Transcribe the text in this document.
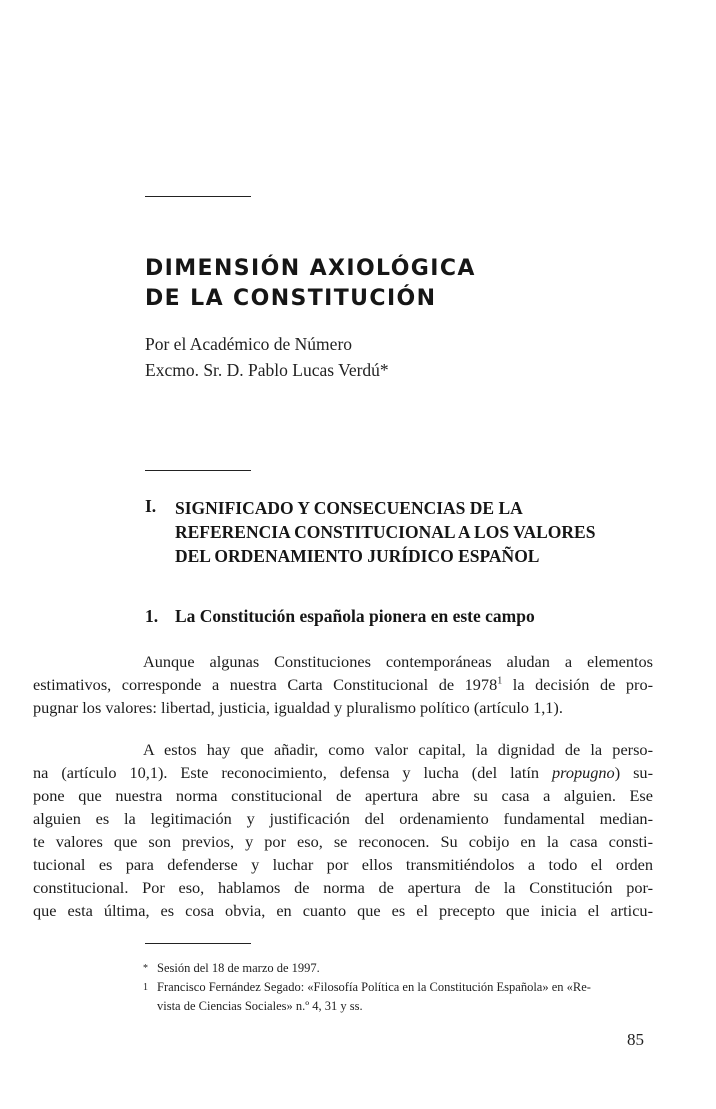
DIMENSIÓN AXIOLÓGICA
DE LA CONSTITUCIÓN
Por el Académico de Número
Excmo. Sr. D. Pablo Lucas Verdú*
I. SIGNIFICADO Y CONSECUENCIAS DE LA
REFERENCIA CONSTITUCIONAL A LOS VALORES
DEL ORDENAMIENTO JURÍDICO ESPAÑOL
1. La Constitución española pionera en este campo
Aunque algunas Constituciones contemporáneas aludan a elementos
estimativos, corresponde a nuestra Carta Constitucional de 1978$^1$ la decisión de pro-
pugnar los valores: libertad, justicia, igualdad y pluralismo político (artículo 1,1).
A estos hay que añadir, como valor capital, la dignidad de la perso-
na (artículo 10,1). Este reconocimiento, defensa y lucha (del latín propugno) su-
pone que nuestra norma constitucional de apertura abre su casa a alguien. Ese
alguien es la legitimación y justificación del ordenamiento fundamental median-
te valores que son previos, y por eso, se reconocen. Su cobijo en la casa consti-
tucional es para defenderse y luchar por ellos transmitiéndolos a todo el orden
constitucional. Por eso, hablamos de norma de apertura de la Constitución por-
que esta última, es cosa obvia, en cuanto que es el precepto que inicia el articu-
* Sesión del 18 de marzo de 1997.
1 Francisco Fernández Segado: «Filosofía Política en la Constitución Española» en «Re-
vista de Ciencias Sociales» n.º 4, 31 y ss.
85
